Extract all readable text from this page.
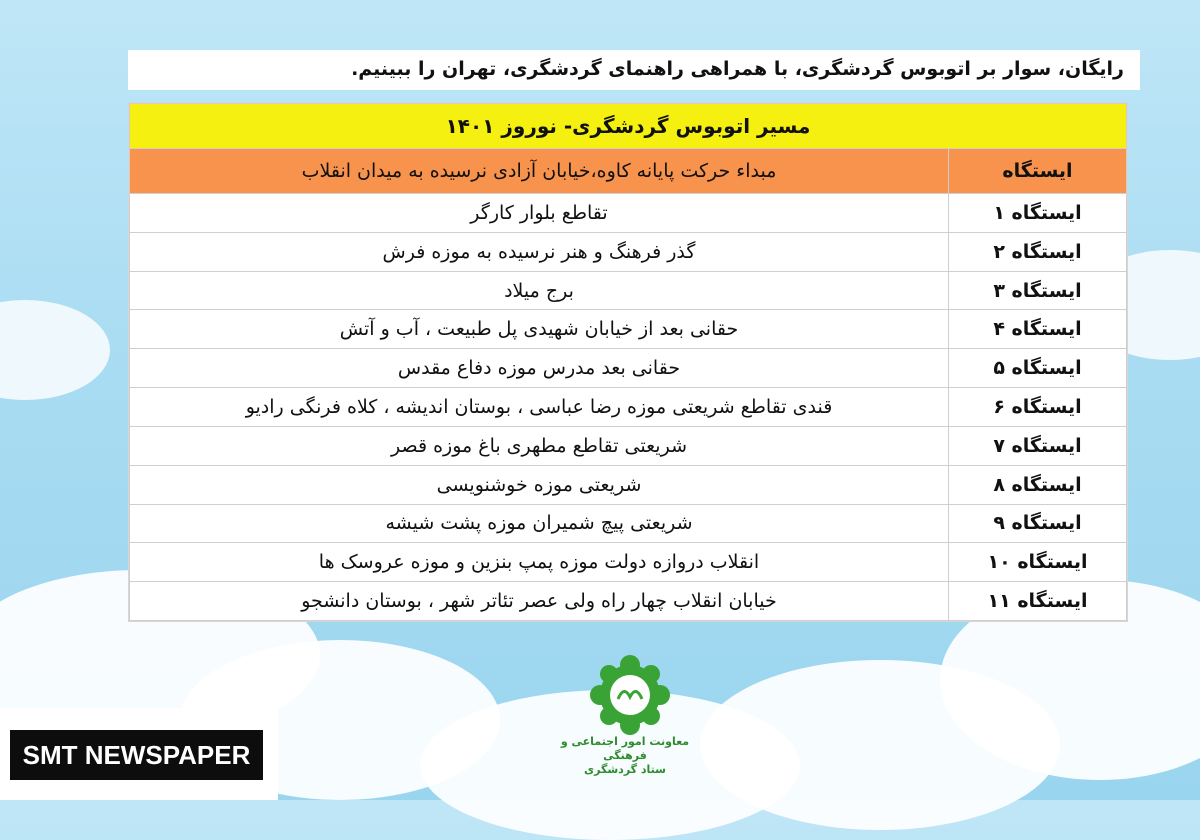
رایگان، سوار بر اتوبوس گردشگری، با همراهی راهنمای گردشگری، تهران را ببینیم.
مسیر اتوبوس گردشگری- نوروز ۱۴۰۱	
ایستگاه	مبداء حرکت پایانه کاوه،خیابان آزادی نرسیده به میدان انقلاب
ایستگاه ۱	تقاطع بلوار کارگر
ایستگاه ۲	گذر فرهنگ و هنر نرسیده به موزه فرش
ایستگاه ۳	برج میلاد
ایستگاه ۴	حقانی بعد از خیابان شهیدی پل طبیعت ، آب و آتش
ایستگاه ۵	حقانی بعد مدرس موزه دفاع مقدس
ایستگاه ۶	قندی تقاطع شریعتی موزه رضا عباسی ، بوستان اندیشه ، کلاه فرنگی رادیو
ایستگاه ۷	شریعتی تقاطع مطهری باغ موزه قصر
ایستگاه ۸	شریعتی موزه خوشنویسی
ایستگاه ۹	شریعتی پیچ شمیران موزه پشت شیشه
ایستگاه ۱۰	انقلاب دروازه دولت موزه پمپ بنزین و موزه عروسک ها
ایستگاه ۱۱	خیابان انقلاب چهار راه ولی عصر تئاتر شهر ، بوستان دانشجو
معاونت امور اجتماعی و فرهنگی
ستاد گردشگری
SMT NEWSPAPER
